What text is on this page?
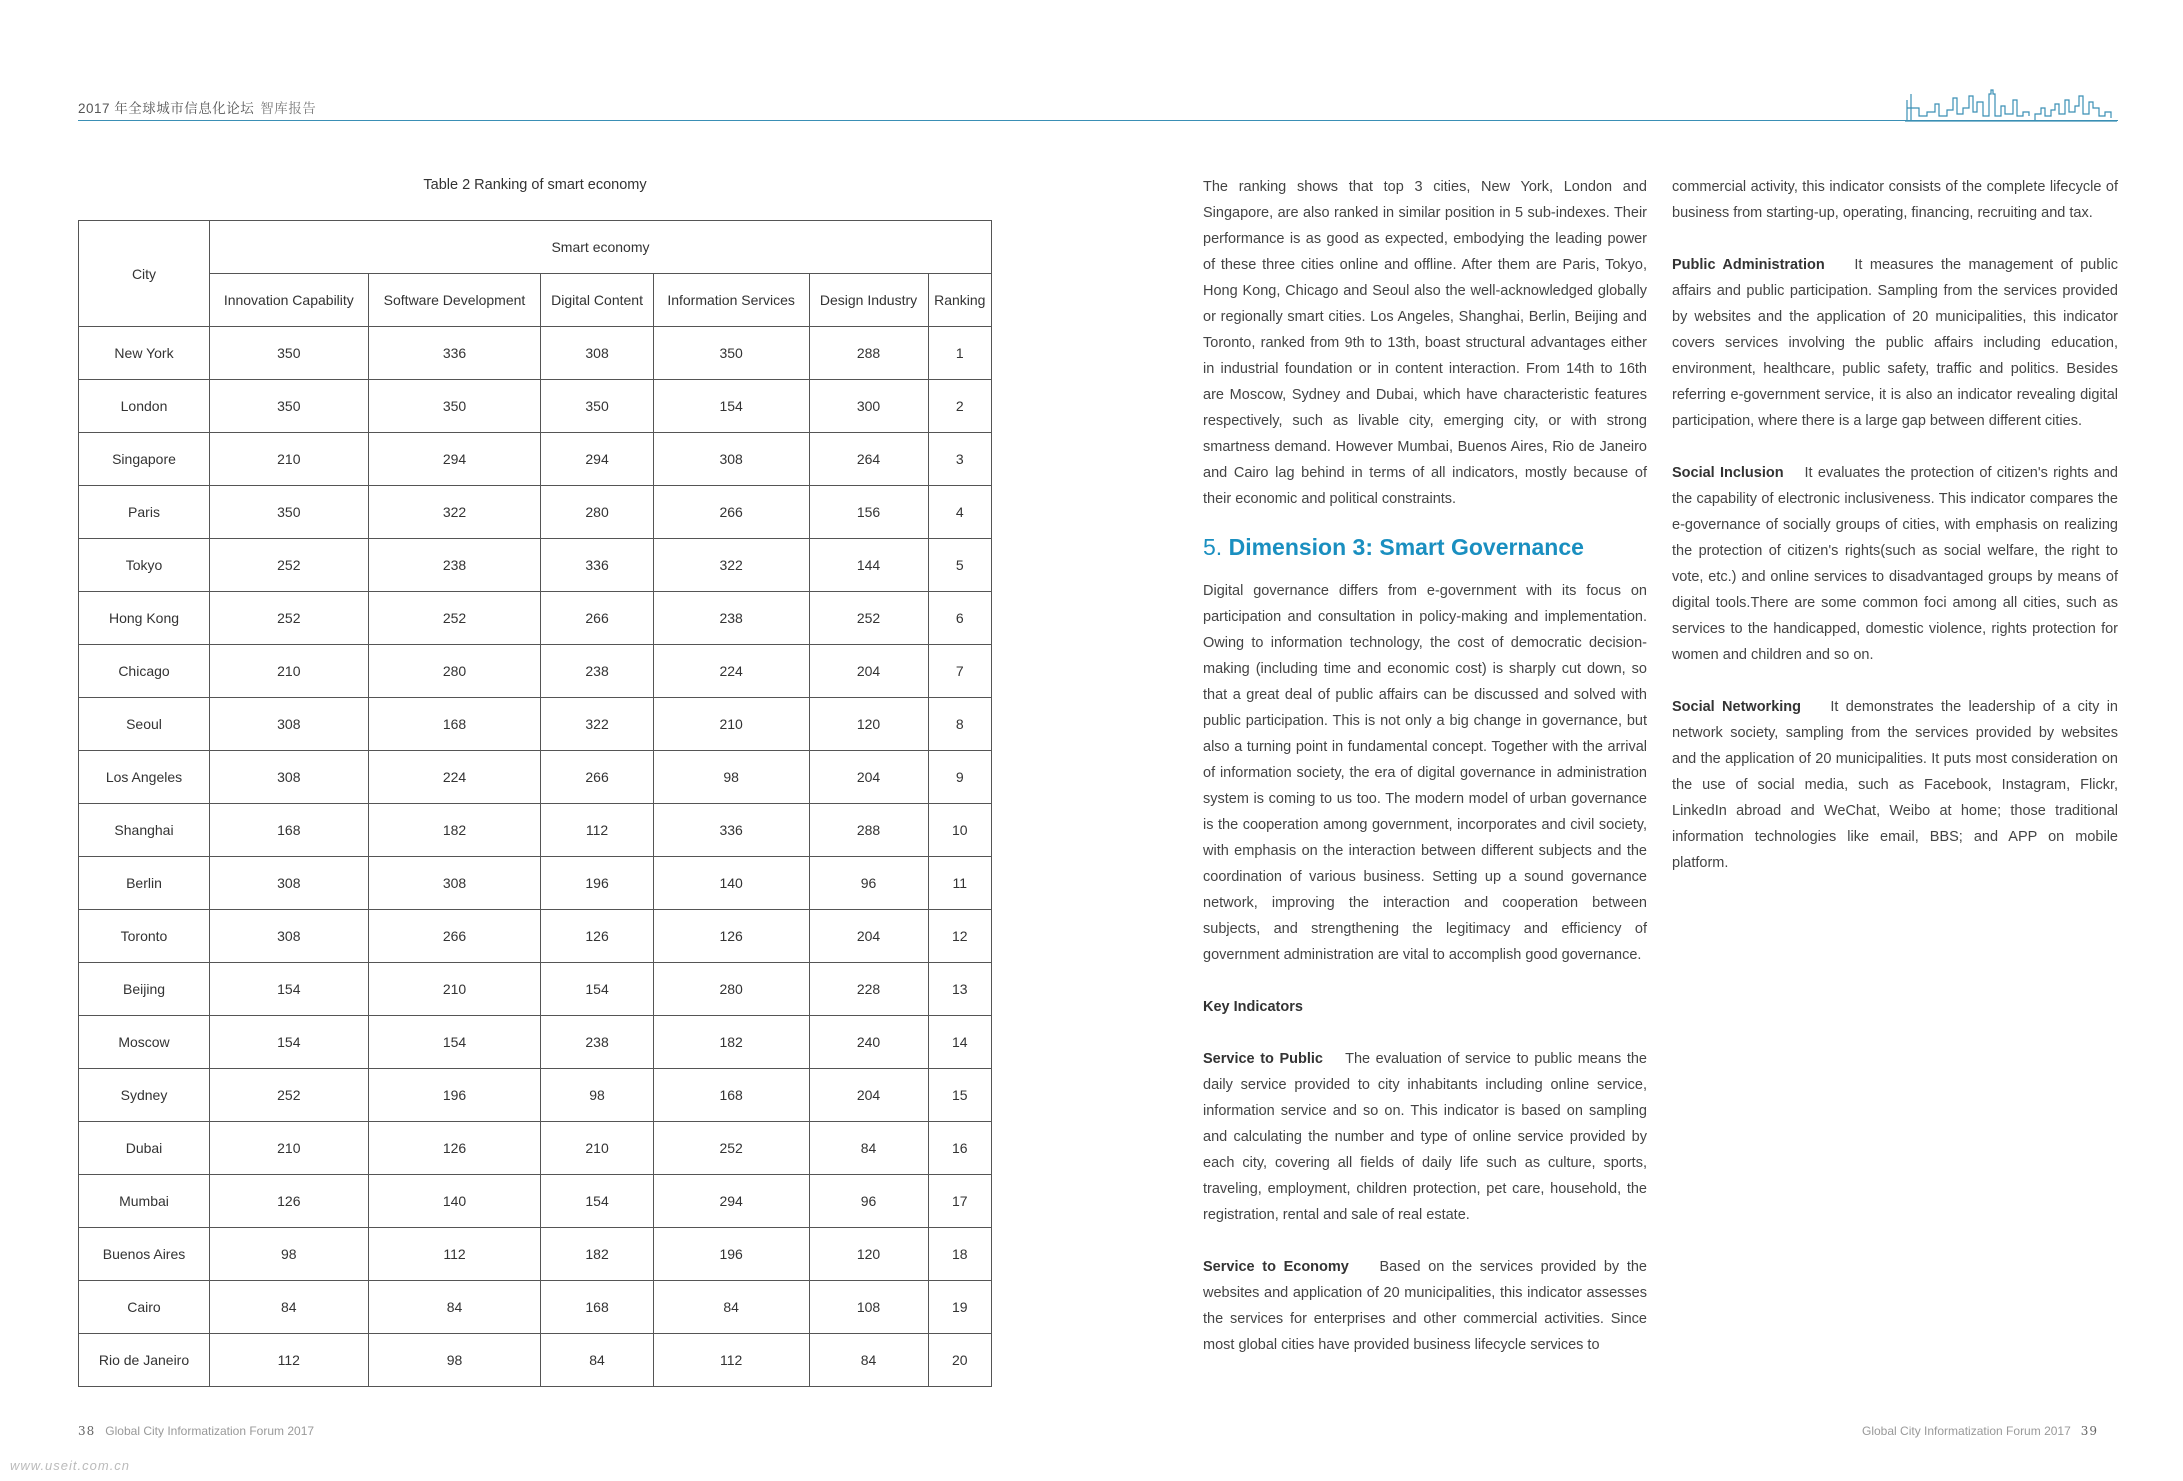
2017 年全球城市信息化论坛 智库报告
Table 2 Ranking of smart economy
City	Smart economy					
	Innovation Capability	Software Development	Digital Content	Information Services	Design Industry	Ranking
New York	350	336	308	350	288	1
London	350	350	350	154	300	2
Singapore	210	294	294	308	264	3
Paris	350	322	280	266	156	4
Tokyo	252	238	336	322	144	5
Hong Kong	252	252	266	238	252	6
Chicago	210	280	238	224	204	7
Seoul	308	168	322	210	120	8
Los Angeles	308	224	266	98	204	9
Shanghai	168	182	112	336	288	10
Berlin	308	308	196	140	96	11
Toronto	308	266	126	126	204	12
Beijing	154	210	154	280	228	13
Moscow	154	154	238	182	240	14
Sydney	252	196	98	168	204	15
Dubai	210	126	210	252	84	16
Mumbai	126	140	154	294	96	17
Buenos Aires	98	112	182	196	120	18
Cairo	84	84	168	84	108	19
Rio de Janeiro	112	98	84	112	84	20

The ranking shows that top 3 cities, New York, London and Singapore, are also ranked in similar position in 5 sub-indexes. Their performance is as good as expected, embodying the leading power of these three cities online and offline. After them are Paris, Tokyo, Hong Kong, Chicago and Seoul also the well-acknowledged globally or regionally smart cities. Los Angeles, Shanghai, Berlin, Beijing and Toronto, ranked from 9th to 13th, boast structural advantages either in industrial foundation or in content interaction. From 14th to 16th are Moscow, Sydney and Dubai, which have characteristic features respectively, such as livable city, emerging city, or with strong smartness demand. However Mumbai, Buenos Aires, Rio de Janeiro and Cairo lag behind in terms of all indicators, mostly because of their economic and political constraints.

5. Dimension 3: Smart Governance

Digital governance differs from e-government with its focus on participation and consultation in policy-making and implementation. Owing to information technology, the cost of democratic decision-making (including time and economic cost) is sharply cut down, so that a great deal of public affairs can be discussed and solved with public participation. This is not only a big change in governance, but also a turning point in fundamental concept. Together with the arrival of information society, the era of digital governance in administration system is coming to us too. The modern model of urban governance is the cooperation among government, incorporates and civil society, with emphasis on the interaction between different subjects and the coordination of various business. Setting up a sound governance network, improving the interaction and cooperation between subjects, and strengthening the legitimacy and efficiency of government administration are vital to accomplish good governance.

Key Indicators

Service to Public The evaluation of service to public means the daily service provided to city inhabitants including online service, information service and so on. This indicator is based on sampling and calculating the number and type of online service provided by each city, covering all fields of daily life such as culture, sports, traveling, employment, children protection, pet care, household, the registration, rental and sale of real estate.

Service to Economy Based on the services provided by the websites and application of 20 municipalities, this indicator assesses the services for enterprises and other commercial activities. Since most global cities have provided business lifecycle services to

commercial activity, this indicator consists of the complete lifecycle of business from starting-up, operating, financing, recruiting and tax.

Public Administration It measures the management of public affairs and public participation. Sampling from the services provided by websites and the application of 20 municipalities, this indicator covers services involving the public affairs including education, environment, healthcare, public safety, traffic and politics. Besides referring e-government service, it is also an indicator revealing digital participation, where there is a large gap between different cities.

Social Inclusion It evaluates the protection of citizen's rights and the capability of electronic inclusiveness. This indicator compares the e-governance of socially groups of cities, with emphasis on realizing the protection of citizen's rights(such as social welfare, the right to vote, etc.) and online services to disadvantaged groups by means of digital tools.There are some common foci among all cities, such as services to the handicapped, domestic violence, rights protection for women and children and so on.

Social Networking It demonstrates the leadership of a city in network society, sampling from the services provided by websites and the application of 20 municipalities. It puts most consideration on the use of social media, such as Facebook, Instagram, Flickr, LinkedIn abroad and WeChat, Weibo at home; those traditional information technologies like email, BBS; and APP on mobile platform.

38 Global City Informatization Forum 2017	Global City Informatization Forum 2017 39
www.useit.com.cn
